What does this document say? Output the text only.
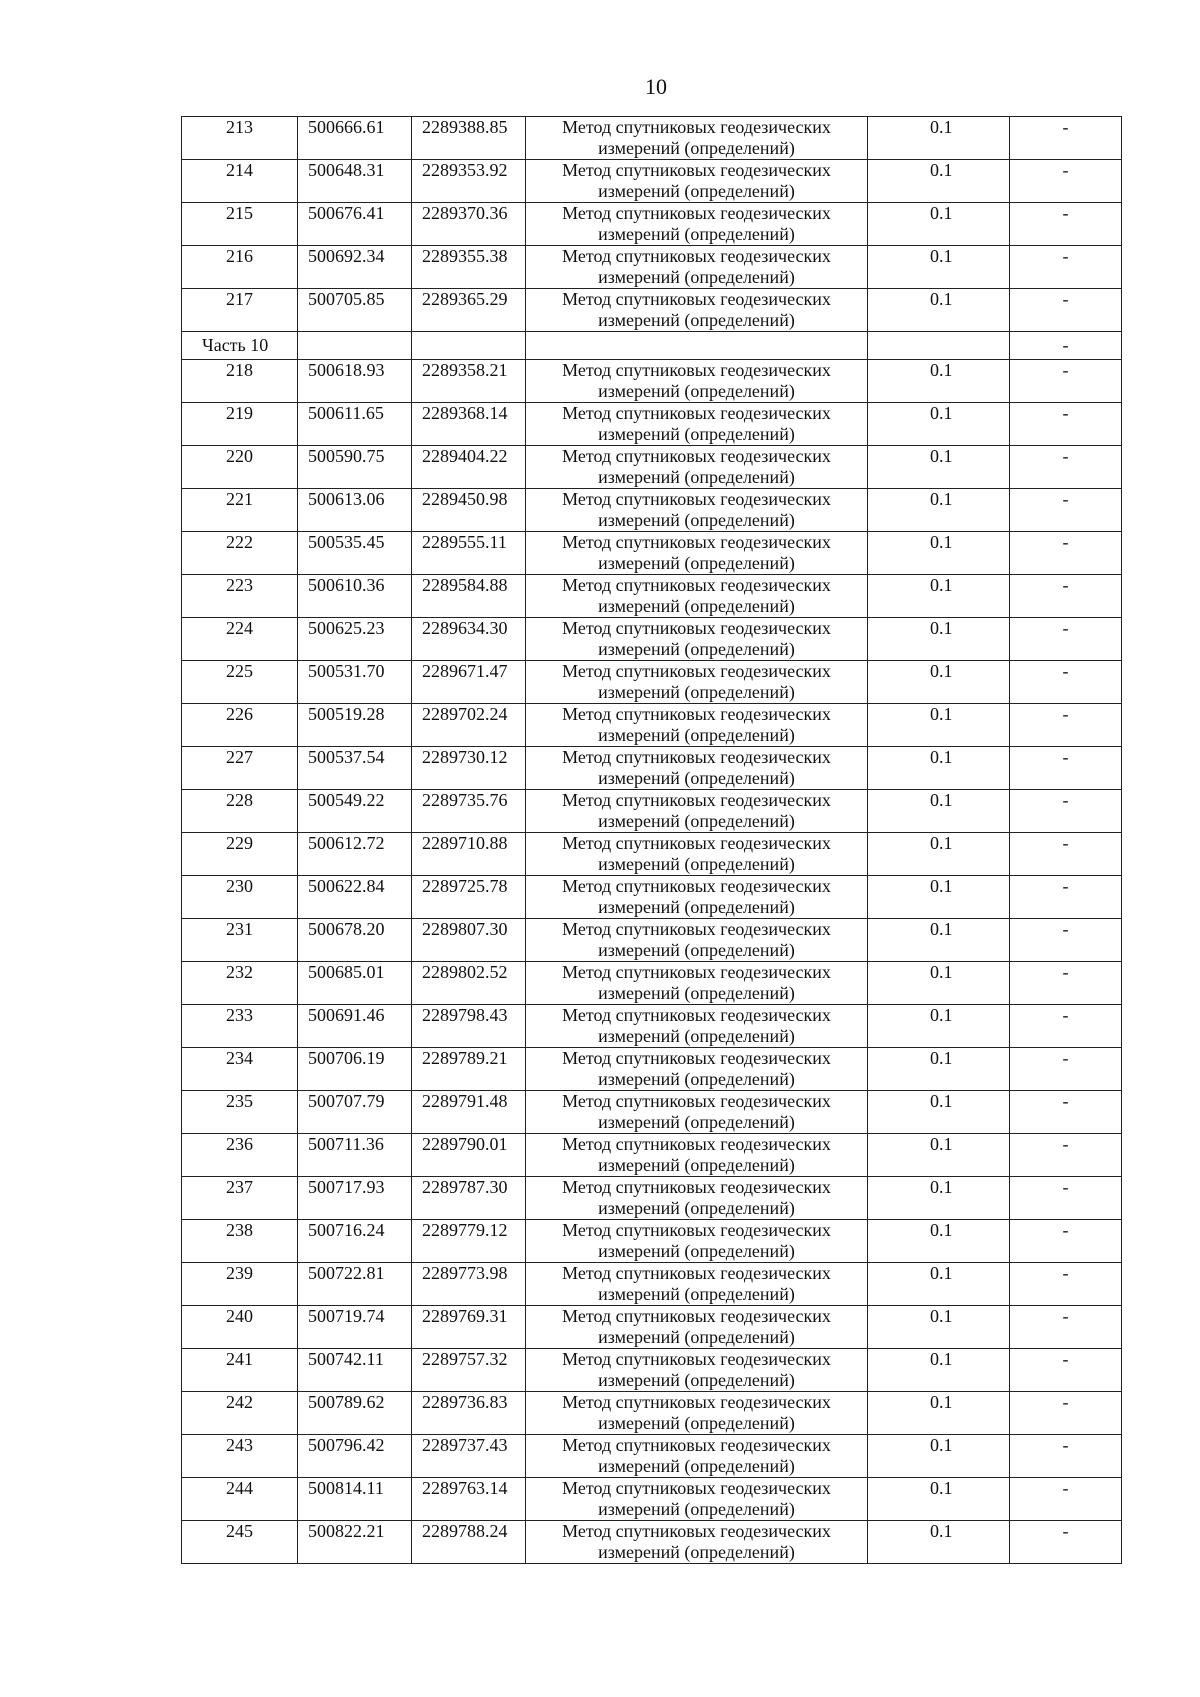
10
213	500666.61	2289388.85	Метод спутниковых геодезических измерений (определений)	0.1	-
214	500648.31	2289353.92	Метод спутниковых геодезических измерений (определений)	0.1	-
215	500676.41	2289370.36	Метод спутниковых геодезических измерений (определений)	0.1	-
216	500692.34	2289355.38	Метод спутниковых геодезических измерений (определений)	0.1	-
217	500705.85	2289365.29	Метод спутниковых геодезических измерений (определений)	0.1	-
Часть 10					-
218	500618.93	2289358.21	Метод спутниковых геодезических измерений (определений)	0.1	-
219	500611.65	2289368.14	Метод спутниковых геодезических измерений (определений)	0.1	-
220	500590.75	2289404.22	Метод спутниковых геодезических измерений (определений)	0.1	-
221	500613.06	2289450.98	Метод спутниковых геодезических измерений (определений)	0.1	-
222	500535.45	2289555.11	Метод спутниковых геодезических измерений (определений)	0.1	-
223	500610.36	2289584.88	Метод спутниковых геодезических измерений (определений)	0.1	-
224	500625.23	2289634.30	Метод спутниковых геодезических измерений (определений)	0.1	-
225	500531.70	2289671.47	Метод спутниковых геодезических измерений (определений)	0.1	-
226	500519.28	2289702.24	Метод спутниковых геодезических измерений (определений)	0.1	-
227	500537.54	2289730.12	Метод спутниковых геодезических измерений (определений)	0.1	-
228	500549.22	2289735.76	Метод спутниковых геодезических измерений (определений)	0.1	-
229	500612.72	2289710.88	Метод спутниковых геодезических измерений (определений)	0.1	-
230	500622.84	2289725.78	Метод спутниковых геодезических измерений (определений)	0.1	-
231	500678.20	2289807.30	Метод спутниковых геодезических измерений (определений)	0.1	-
232	500685.01	2289802.52	Метод спутниковых геодезических измерений (определений)	0.1	-
233	500691.46	2289798.43	Метод спутниковых геодезических измерений (определений)	0.1	-
234	500706.19	2289789.21	Метод спутниковых геодезических измерений (определений)	0.1	-
235	500707.79	2289791.48	Метод спутниковых геодезических измерений (определений)	0.1	-
236	500711.36	2289790.01	Метод спутниковых геодезических измерений (определений)	0.1	-
237	500717.93	2289787.30	Метод спутниковых геодезических измерений (определений)	0.1	-
238	500716.24	2289779.12	Метод спутниковых геодезических измерений (определений)	0.1	-
239	500722.81	2289773.98	Метод спутниковых геодезических измерений (определений)	0.1	-
240	500719.74	2289769.31	Метод спутниковых геодезических измерений (определений)	0.1	-
241	500742.11	2289757.32	Метод спутниковых геодезических измерений (определений)	0.1	-
242	500789.62	2289736.83	Метод спутниковых геодезических измерений (определений)	0.1	-
243	500796.42	2289737.43	Метод спутниковых геодезических измерений (определений)	0.1	-
244	500814.11	2289763.14	Метод спутниковых геодезических измерений (определений)	0.1	-
245	500822.21	2289788.24	Метод спутниковых геодезических измерений (определений)	0.1	-
